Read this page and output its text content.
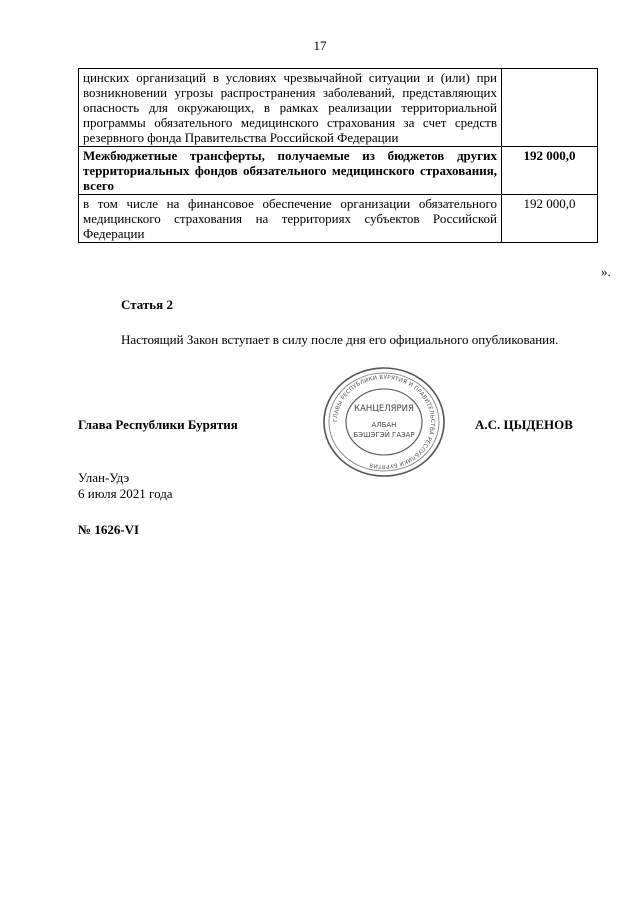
17
цинских организаций в условиях чрезвычайной ситуации и (или) при возникновении угрозы распространения заболеваний, представляющих опасность для окружающих, в рамках реализации территориальной программы обязательного медицинского страхования за счет средств резервного фонда Правительства Российской Федерации	
Межбюджетные трансферты, получаемые из бюджетов других территориальных фондов обязательного медицинского страхования, всего	192 000,0
в том числе на финансовое обеспечение организации обязательного медицинского страхования на территориях субъектов Российской Федерации	192 000,0
».
Статья 2
Настоящий Закон вступает в силу после дня его официального опубликования.
Глава Республики Бурятия	А.С. ЦЫДЕНОВ
ГЛАВЫ РЕСПУБЛИКИ БУРЯТИЯ И ПРАВИТЕЛЬСТВА РЕСПУБЛИКИ БУРЯТИЯ
КАНЦЕЛЯРИЯ
АЛБАН
БЭШЭГЭЙ ГАЗАР
Улан-Удэ
6 июля 2021 года
№ 1626-VI
